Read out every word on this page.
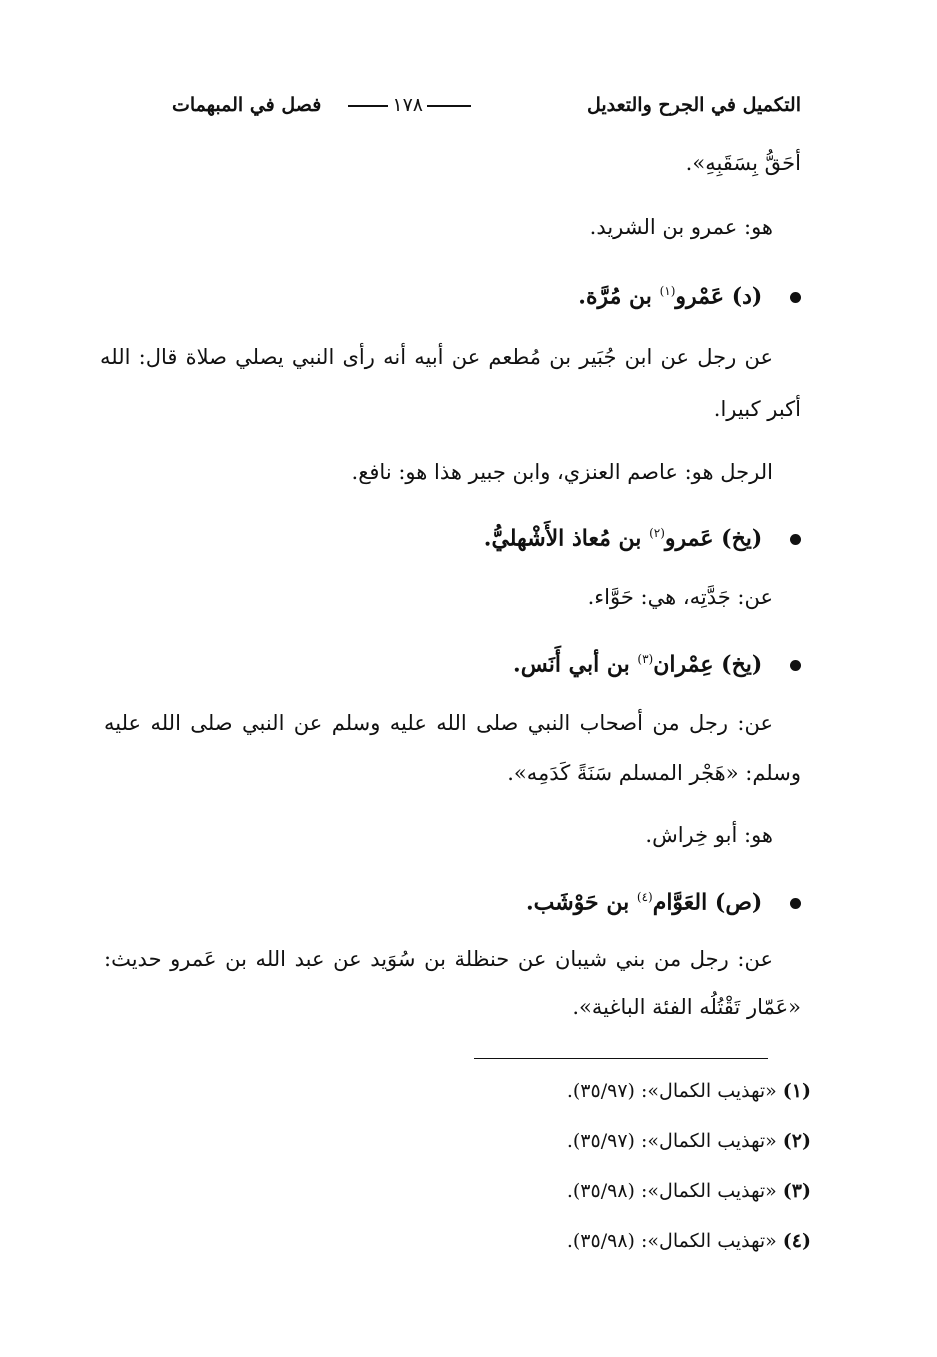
التكميل في الجرح والتعديل
١٧٨
فصل في المبهمات
أحَقُّ بِسَقَبِهِ».
هو: عمرو بن الشريد.
(د) عَمْرو$^{(١)}$ بن مُرَّة.
عن رجل عن ابن جُبَير بن مُطعم عن أبيه أنه رأى النبي يصلي صلاة قال: الله
أكبر كبيرا.
الرجل هو: عاصم العنزي، وابن جبير هذا هو: نافع.
(يخ) عَمرو$^{(٢)}$ بن مُعاذ الأَشْهليُّ.
عن: جَدَّتِه، هي: حَوَّاء.
(يخ) عِمْران$^{(٣)}$ بن أبي أَنَس.
عن: رجل من أصحاب النبي صلى الله عليه وسلم عن النبي صلى الله عليه
وسلم: «هَجْر المسلم سَنَةً كَدَمِه».
هو: أبو خِراش.
(ص) العَوَّام$^{(٤)}$ بن حَوْشَب.
عن: رجل من بني شيبان عن حنظلة بن سُوَيد عن عبد الله بن عَمرو حديث:
«عَمّار تَقْتُلُه الفئة الباغية».
(١)«تهذيب الكمال»: (٣٥/٩٧).
(٢)«تهذيب الكمال»: (٣٥/٩٧).
(٣)«تهذيب الكمال»: (٣٥/٩٨).
(٤)«تهذيب الكمال»: (٣٥/٩٨).
